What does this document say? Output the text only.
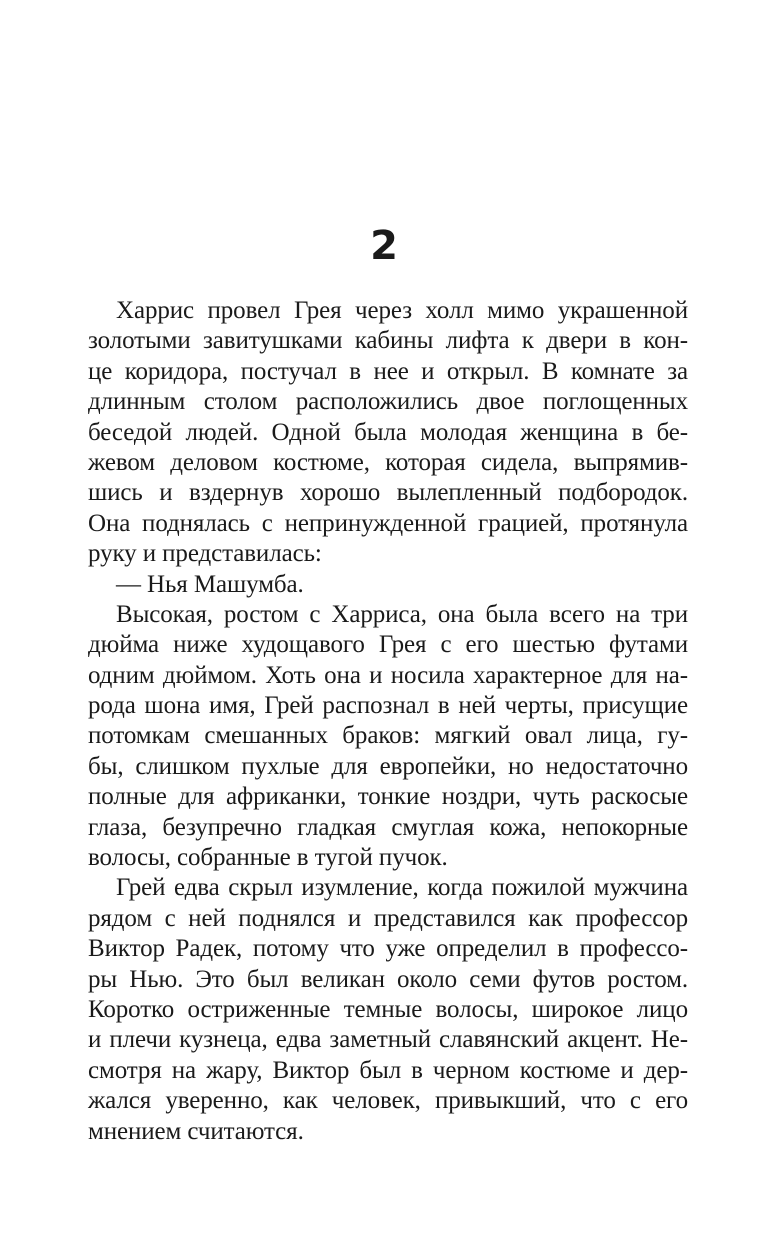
2
Харрис провел Грея через холл мимо украшенной
золотыми завитушками кабины лифта к двери в кон-
це коридора, постучал в нее и открыл. В комнате за
длинным столом расположились двое поглощенных
беседой людей. Одной была молодая женщина в бе-
жевом деловом костюме, которая сидела, выпрямив-
шись и вздернув хорошо вылепленный подбородок.
Она поднялась с непринужденной грацией, протянула
руку и представилась:
— Нья Машумба.
Высокая, ростом с Харриса, она была всего на три
дюйма ниже худощавого Грея с его шестью футами
одним дюймом. Хоть она и носила характерное для на-
рода шона имя, Грей распознал в ней черты, присущие
потомкам смешанных браков: мягкий овал лица, гу-
бы, слишком пухлые для европейки, но недостаточно
полные для африканки, тонкие ноздри, чуть раскосые
глаза, безупречно гладкая смуглая кожа, непокорные
волосы, собранные в тугой пучок.
Грей едва скрыл изумление, когда пожилой мужчина
рядом с ней поднялся и представился как профессор
Виктор Радек, потому что уже определил в профессо-
ры Нью. Это был великан около семи футов ростом.
Коротко остриженные темные волосы, широкое лицо
и плечи кузнеца, едва заметный славянский акцент. Не-
смотря на жару, Виктор был в черном костюме и дер-
жался уверенно, как человек, привыкший, что с его
мнением считаются.
